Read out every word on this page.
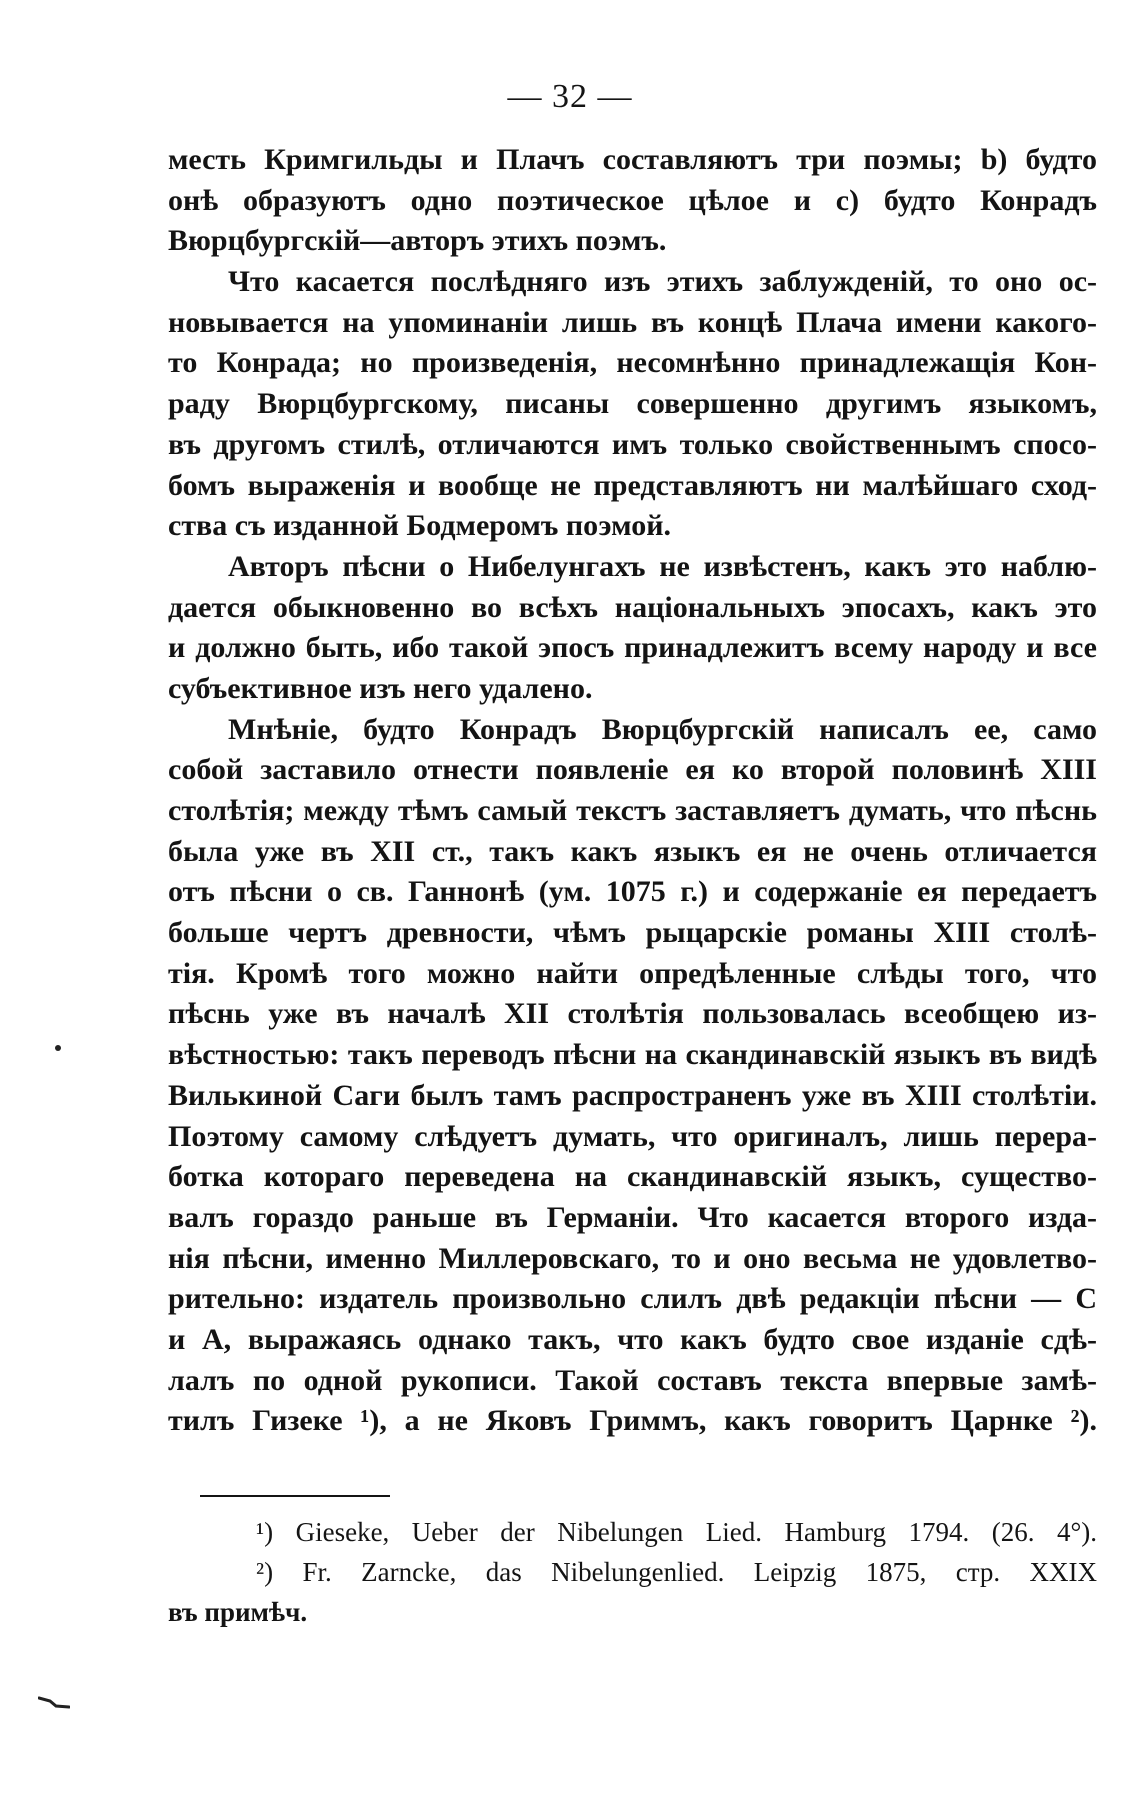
— 32 —
месть Кримгильды и Плачъ составляютъ три поэмы; b) будто
онѣ образуютъ одно поэтическое цѣлое и с) будто Конрадъ
Вюрцбургскій—авторъ этихъ поэмъ.
Что касается послѣдняго изъ этихъ заблужденій, то оно ос-
новывается на упоминаніи лишь въ концѣ Плача имени какого-
то Конрада; но произведенія, несомнѣнно принадлежащія Кон-
раду Вюрцбургскому, писаны совершенно другимъ языкомъ,
въ другомъ стилѣ, отличаются имъ только свойственнымъ спосо-
бомъ выраженія и вообще не представляютъ ни малѣйшаго сход-
ства съ изданной Бодмеромъ поэмой.
Авторъ пѣсни о Нибелунгахъ не извѣстенъ, какъ это наблю-
дается обыкновенно во всѣхъ національныхъ эпосахъ, какъ это
и должно быть, ибо такой эпосъ принадлежитъ всему народу и все
субъективное изъ него удалено.
Мнѣніе, будто Конрадъ Вюрцбургскій написалъ ее, само
собой заставило отнести появленіе ея ко второй половинѣ XIII
столѣтія; между тѣмъ самый текстъ заставляетъ думать, что пѣснь
была уже въ XII ст., такъ какъ языкъ ея не очень отличается
отъ пѣсни о св. Ганнонѣ (ум. 1075 г.) и содержаніе ея передаетъ
больше чертъ древности, чѣмъ рыцарскіе романы XIII столѣ-
тія. Кромѣ того можно найти опредѣленные слѣды того, что
пѣснь уже въ началѣ XII столѣтія пользовалась всеобщею из-
вѣстностью: такъ переводъ пѣсни на скандинавскій языкъ въ видѣ
Вилькиной Саги былъ тамъ распространенъ уже въ XIII столѣтіи.
Поэтому самому слѣдуетъ думать, что оригиналъ, лишь перера-
ботка котораго переведена на скандинавскій языкъ, существо-
валъ гораздо раньше въ Германіи. Что касается второго изда-
нія пѣсни, именно Миллеровскаго, то и оно весьма не удовлетво-
рительно: издатель произвольно слилъ двѣ редакціи пѣсни — C
и A, выражаясь однако такъ, что какъ будто свое изданіе сдѣ-
лалъ по одной рукописи. Такой составъ текста впервые замѣ-
тилъ Гизеке ¹), а не Яковъ Гриммъ, какъ говоритъ Царнке ²).
¹) Gieseke, Ueber der Nibelungen Lied. Hamburg 1794. (26. 4°).
²) Fr. Zarncke, das Nibelungenlied. Leipzig 1875, стр. XXIX
въ примѣч.
